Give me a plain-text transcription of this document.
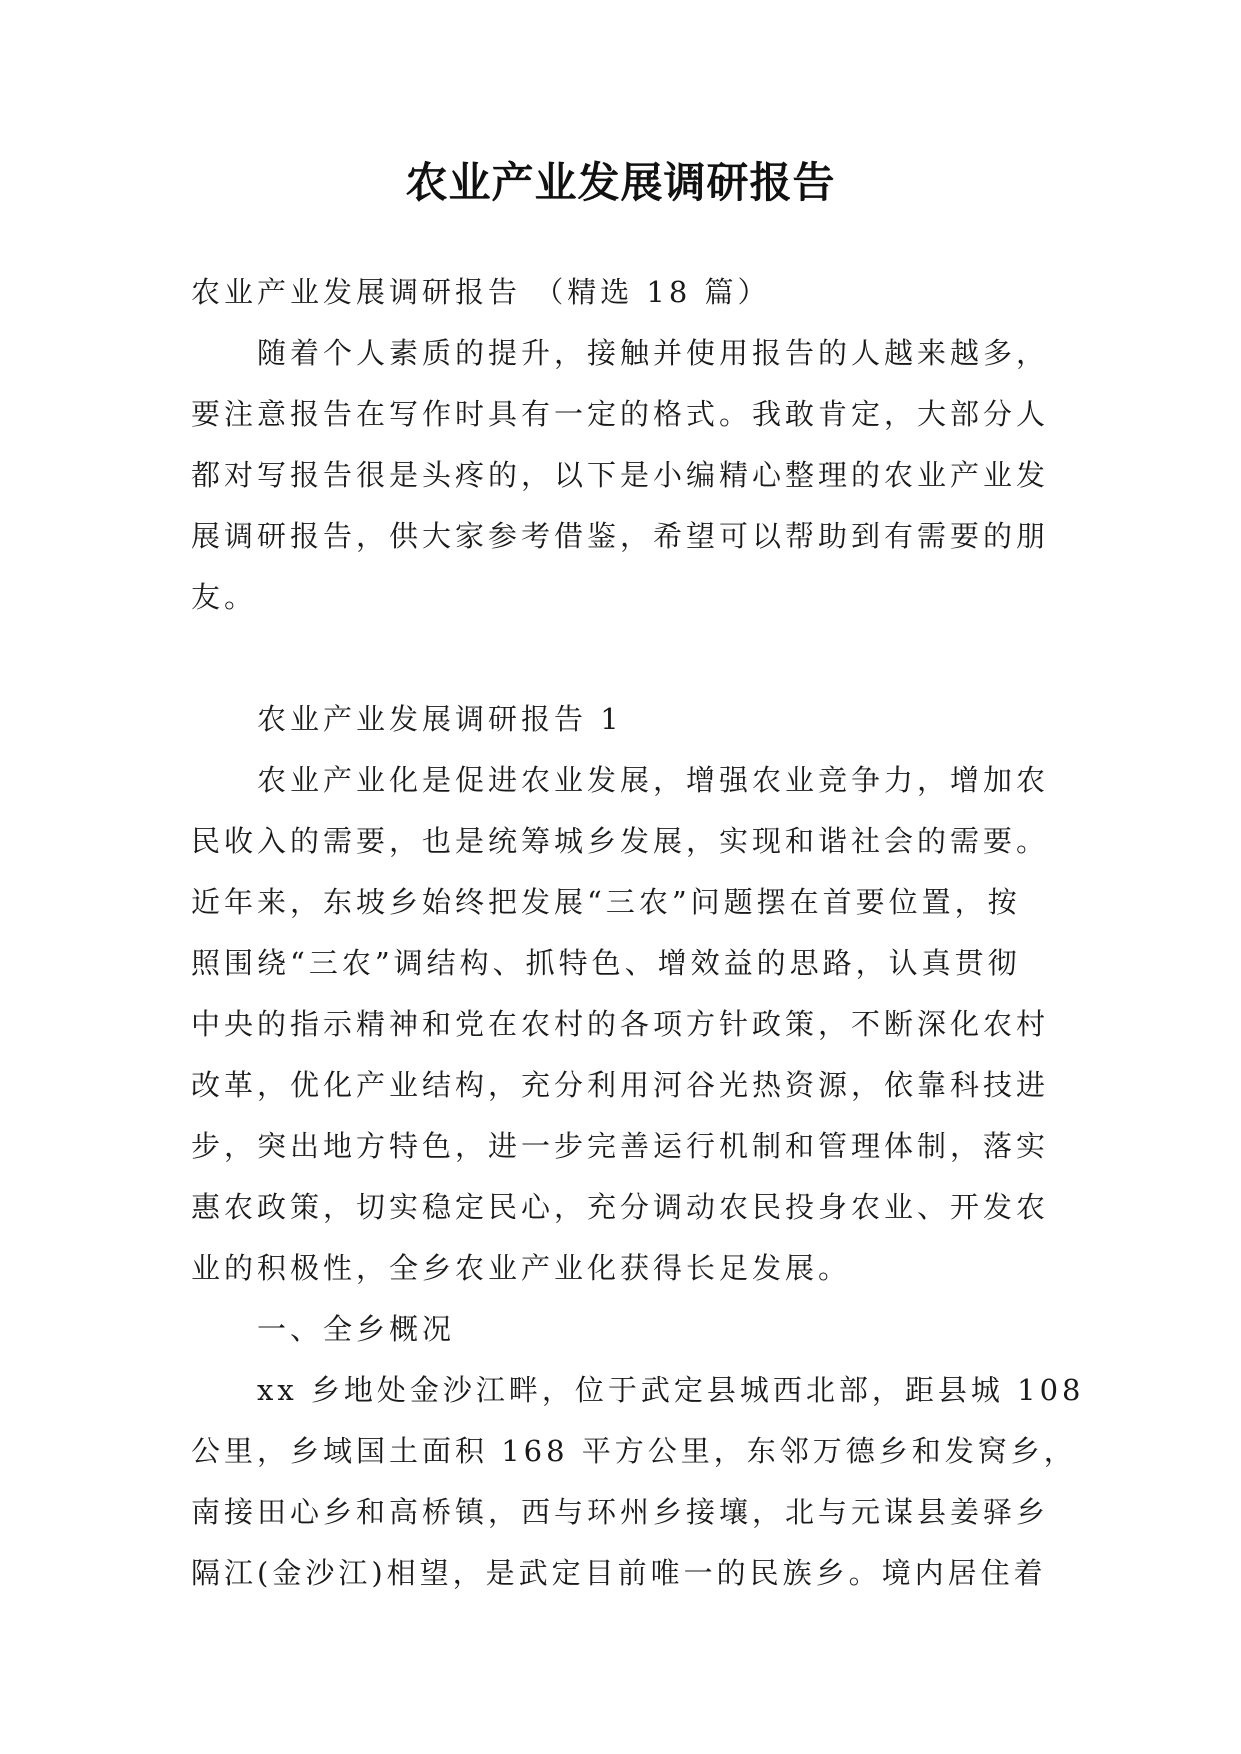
农业产业发展调研报告
农业产业发展调研报告 （精选 18 篇）
随着个人素质的提升，接触并使用报告的人越来越多，
要注意报告在写作时具有一定的格式。我敢肯定，大部分人
都对写报告很是头疼的，以下是小编精心整理的农业产业发
展调研报告，供大家参考借鉴，希望可以帮助到有需要的朋
友。
农业产业发展调研报告 1
农业产业化是促进农业发展，增强农业竞争力，增加农
民收入的需要，也是统筹城乡发展，实现和谐社会的需要。
近年来，东坡乡始终把发展“三农”问题摆在首要位置，按
照围绕“三农”调结构、抓特色、增效益的思路，认真贯彻
中央的指示精神和党在农村的各项方针政策，不断深化农村
改革，优化产业结构，充分利用河谷光热资源，依靠科技进
步，突出地方特色，进一步完善运行机制和管理体制，落实
惠农政策，切实稳定民心，充分调动农民投身农业、开发农
业的积极性，全乡农业产业化获得长足发展。
一、全乡概况
xx 乡地处金沙江畔，位于武定县城西北部，距县城 108
公里，乡域国土面积 168 平方公里，东邻万德乡和发窝乡，
南接田心乡和高桥镇，西与环州乡接壤，北与元谋县姜驿乡
隔江(金沙江)相望，是武定目前唯一的民族乡。境内居住着
